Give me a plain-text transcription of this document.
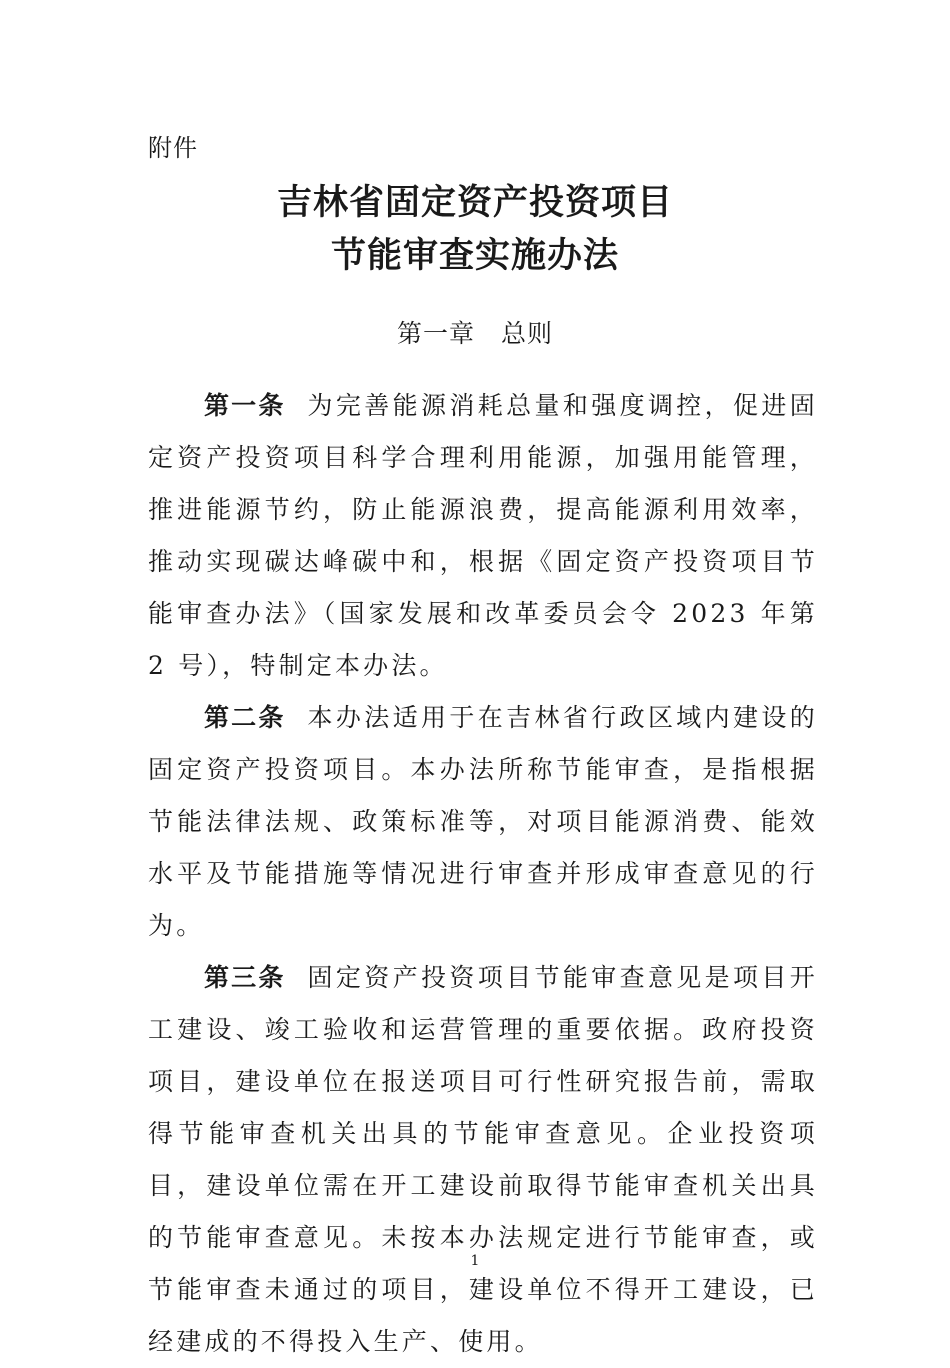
附件
吉林省固定资产投资项目
节能审查实施办法
第一章　总则

第一条 为完善能源消耗总量和强度调控，促进固定资产投资项目科学合理利用能源，加强用能管理，推进能源节约，防止能源浪费，提高能源利用效率，推动实现碳达峰碳中和，根据《固定资产投资项目节能审查办法》（国家发展和改革委员会令 2023 年第 2 号），特制定本办法。

第二条 本办法适用于在吉林省行政区域内建设的固定资产投资项目。本办法所称节能审查，是指根据节能法律法规、政策标准等，对项目能源消费、能效水平及节能措施等情况进行审查并形成审查意见的行为。

第三条 固定资产投资项目节能审查意见是项目开工建设、竣工验收和运营管理的重要依据。政府投资项目，建设单位在报送项目可行性研究报告前，需取得节能审查机关出具的节能审查意见。企业投资项目，建设单位需在开工建设前取得节能审查机关出具的节能审查意见。未按本办法规定进行节能审查，或节能审查未通过的项目，建设单位不得开工建设，已经建成的不得投入生产、使用。

1
